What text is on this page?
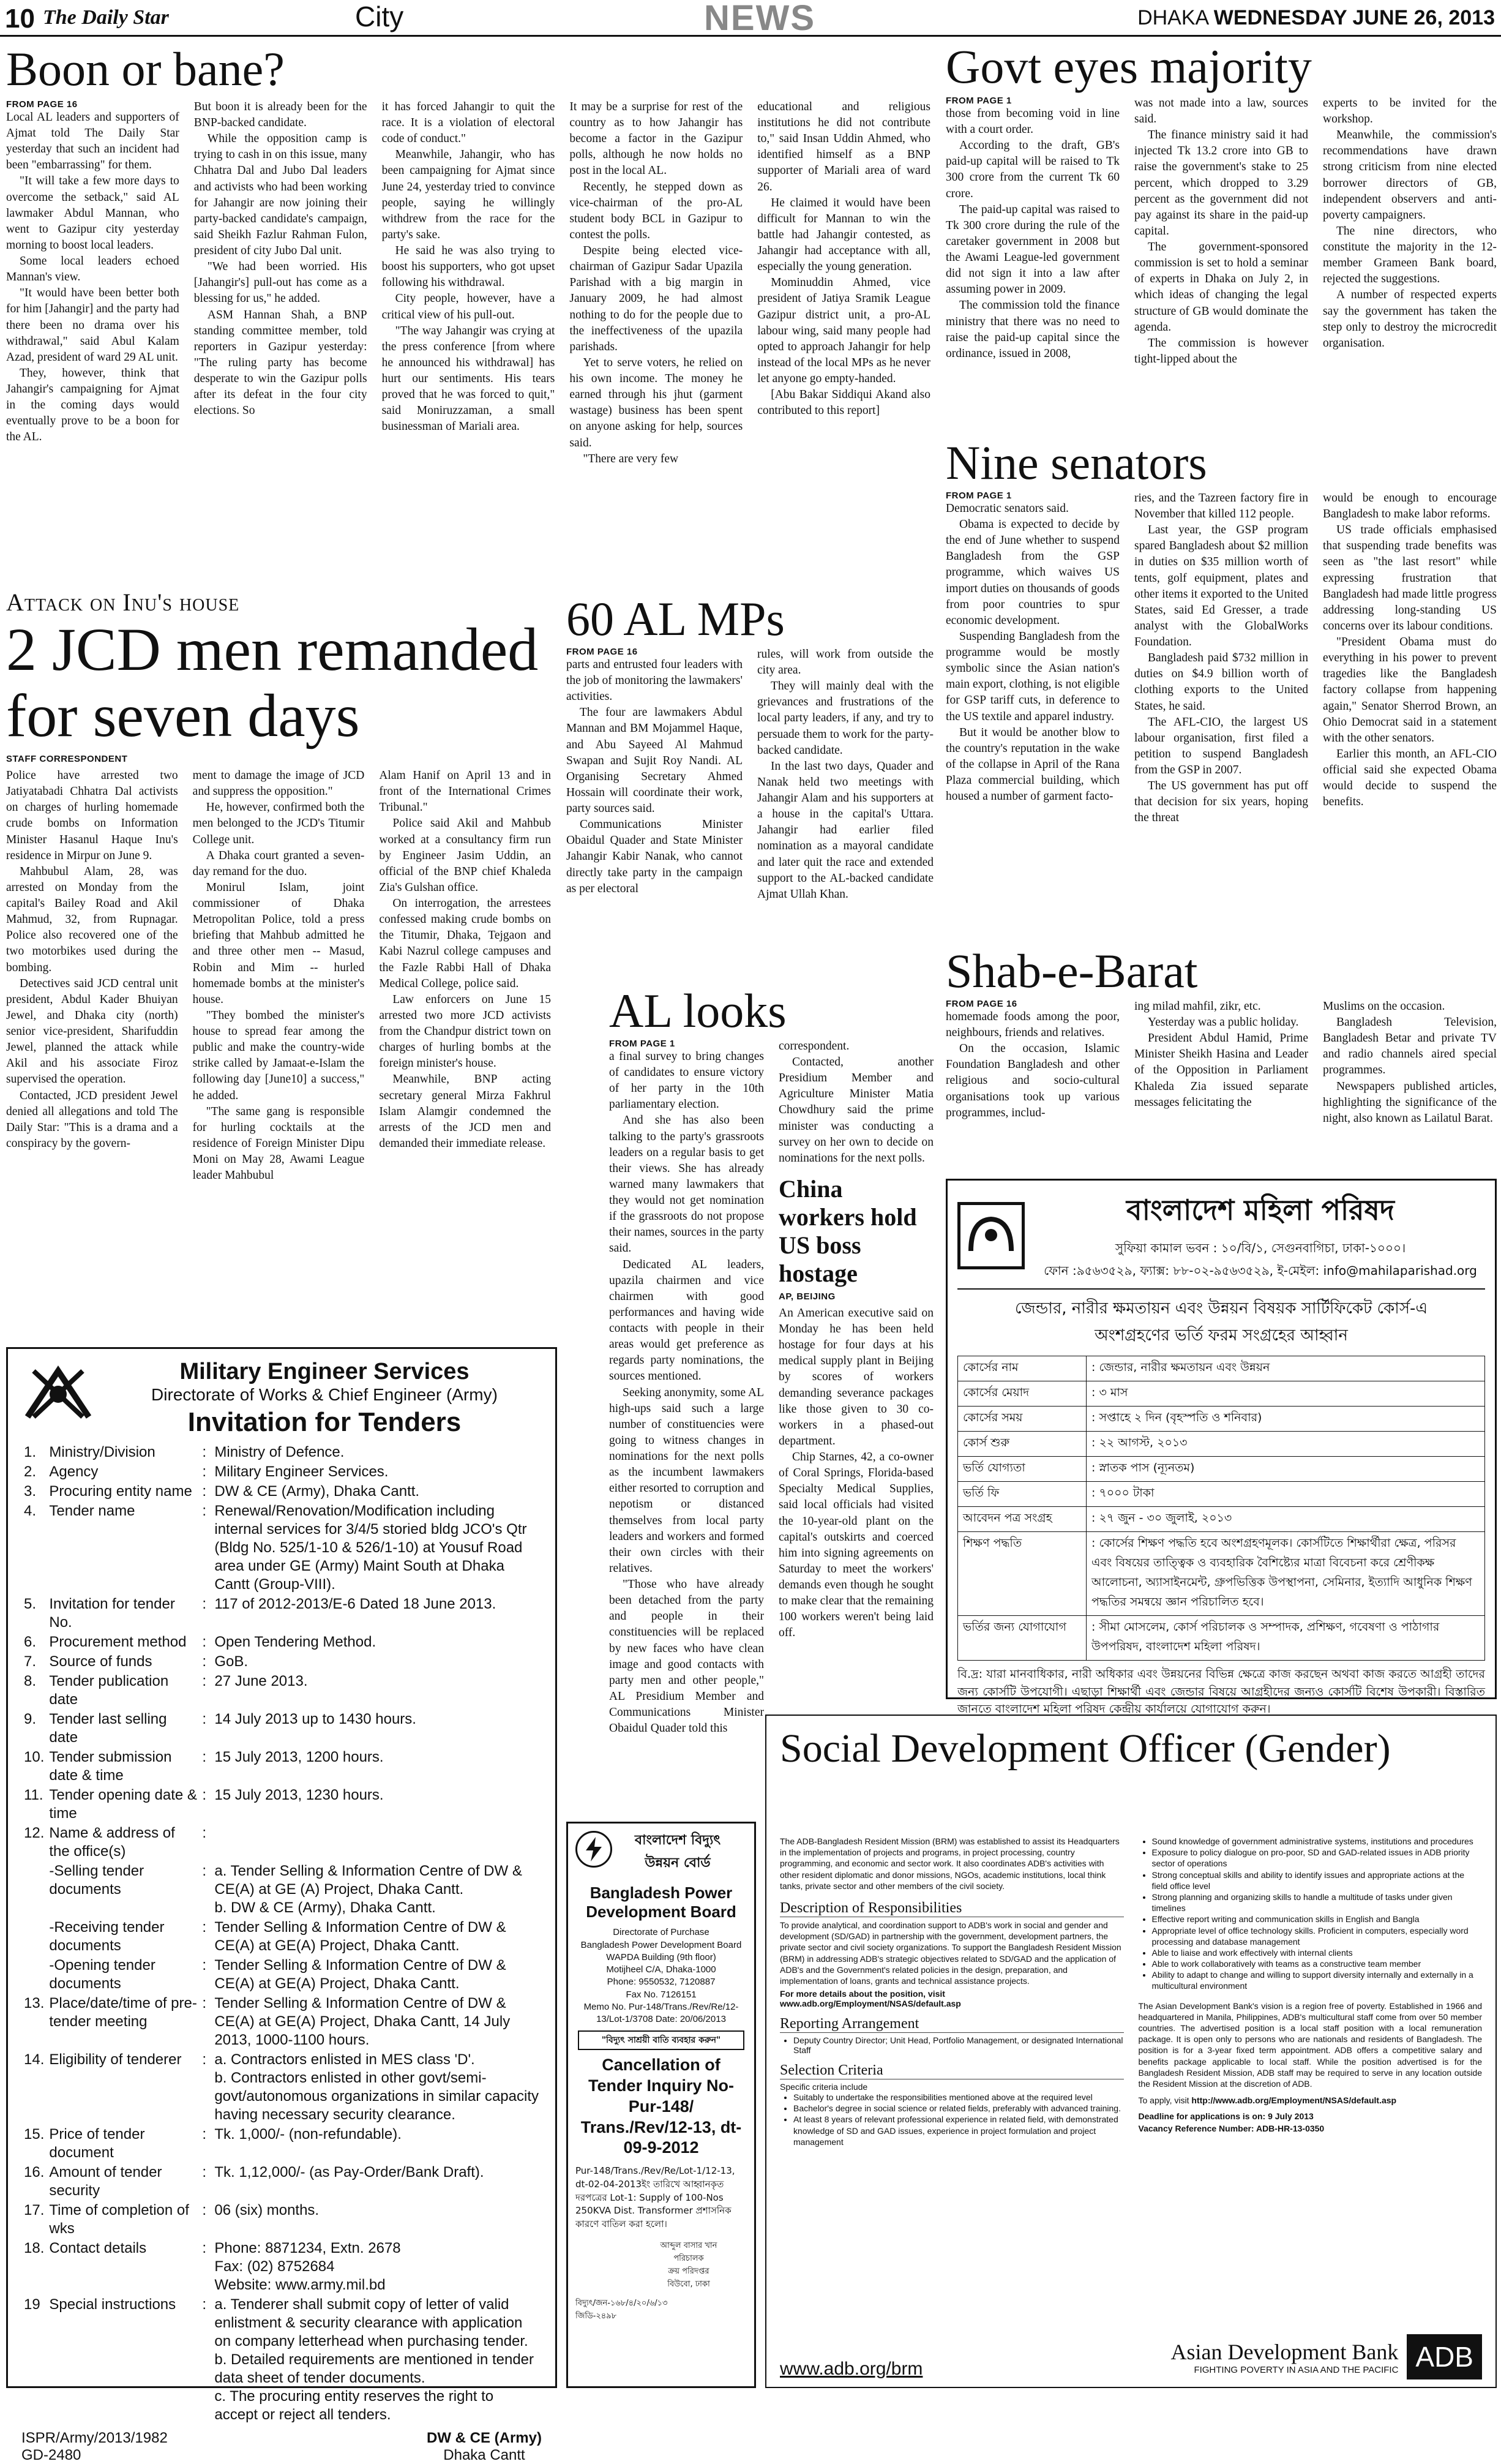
10 The Daily Star	City	NEWS	DHAKA WEDNESDAY JUNE 26, 2013
Boon or bane?
FROM PAGE 16

Local AL leaders and supporters of Ajmat told The Daily Star yesterday that such an incident had been "embarrassing" for them.

"It will take a few more days to overcome the setback," said AL lawmaker Abdul Mannan, who went to Gazipur city yesterday morning to boost local leaders.

Some local leaders echoed Mannan's view.

"It would have been better both for him [Jahangir] and the party had there been no drama over his withdrawal," said Abul Kalam Azad, president of ward 29 AL unit.

They, however, think that Jahangir's campaigning for Ajmat in the coming days would eventually prove to be a boon for the AL.

But boon it is already been for the BNP-backed candidate.

While the opposition camp is trying to cash in on this issue, many Chhatra Dal and Jubo Dal leaders and activists who had been working for Jahangir are now joining their party-backed candidate's campaign, said Sheikh Fazlur Rahman Fulon, president of city Jubo Dal unit.

"We had been worried. His [Jahangir's] pull-out has come as a blessing for us," he added.

ASM Hannan Shah, a BNP standing committee member, told reporters in Gazipur yesterday: "The ruling party has become desperate to win the Gazipur polls after its defeat in the four city elections. So

it has forced Jahangir to quit the race. It is a violation of electoral code of conduct."

Meanwhile, Jahangir, who has been campaigning for Ajmat since June 24, yesterday tried to convince people, saying he willingly withdrew from the race for the party's sake.

He said he was also trying to boost his supporters, who got upset following his withdrawal.

City people, however, have a critical view of his pull-out.

"The way Jahangir was crying at the press conference [from where he announced his withdrawal] has hurt our sentiments. His tears proved that he was forced to quit," said Moniruzzaman, a small businessman of Mariali area.

It may be a surprise for rest of the country as to how Jahangir has become a factor in the Gazipur polls, although he now holds no post in the local AL.

Recently, he stepped down as vice-chairman of the pro-AL student body BCL in Gazipur to contest the polls.

Despite being elected vice-chairman of Gazipur Sadar Upazila Parishad with a big margin in January 2009, he had almost nothing to do for the people due to the ineffectiveness of the upazila parishads.

Yet to serve voters, he relied on his own income. The money he earned through his jhut (garment wastage) business has been spent on anyone asking for help, sources said.

"There are very few

educational and religious institutions he did not contribute to," said Insan Uddin Ahmed, who identified himself as a BNP supporter of Mariali area of ward 26.

He claimed it would have been difficult for Mannan to win the battle had Jahangir contested, as Jahangir had acceptance with all, especially the young generation.

Mominuddin Ahmed, vice president of Jatiya Sramik League Gazipur district unit, a pro-AL labour wing, said many people had opted to approach Jahangir for help instead of the local MPs as he never let anyone go empty-handed.

[Abu Bakar Siddiqui Akand also contributed to this report]

Attack on Inu's house
2 JCD men remanded for seven days
STAFF CORRESPONDENT

Police have arrested two Jatiyatabadi Chhatra Dal activists on charges of hurling homemade crude bombs on Information Minister Hasanul Haque Inu's residence in Mirpur on June 9.

Mahbubul Alam, 28, was arrested on Monday from the capital's Bailey Road and Akil Mahmud, 32, from Rupnagar. Police also recovered one of the two motorbikes used during the bombing.

Detectives said JCD central unit president, Abdul Kader Bhuiyan Jewel, and Dhaka city (north) senior vice-president, Sharifuddin Jewel, planned the attack while Akil and his associate Firoz supervised the operation.

Contacted, JCD president Jewel denied all allegations and told The Daily Star: "This is a drama and a conspiracy by the govern-

ment to damage the image of JCD and suppress the opposition."

He, however, confirmed both the men belonged to the JCD's Titumir College unit.

A Dhaka court granted a seven-day remand for the duo.

Monirul Islam, joint commissioner of Dhaka Metropolitan Police, told a press briefing that Mahbub admitted he and three other men -- Masud, Robin and Mim -- hurled homemade bombs at the minister's house.

"They bombed the minister's house to spread fear among the public and make the country-wide strike called by Jamaat-e-Islam the following day [June10] a success," he added.

"The same gang is responsible for hurling cocktails at the residence of Foreign Minister Dipu Moni on May 28, Awami League leader Mahbubul

Alam Hanif on April 13 and in front of the International Crimes Tribunal."

Police said Akil and Mahbub worked at a consultancy firm run by Engineer Jasim Uddin, an official of the BNP chief Khaleda Zia's Gulshan office.

On interrogation, the arrestees confessed making crude bombs on the Titumir, Dhaka, Tejgaon and Kabi Nazrul college campuses and the Fazle Rabbi Hall of Dhaka Medical College, police said.

Law enforcers on June 15 arrested two more JCD activists from the Chandpur district town on charges of hurling bombs at the foreign minister's house.

Meanwhile, BNP acting secretary general Mirza Fakhrul Islam Alamgir condemned the arrests of the JCD men and demanded their immediate release.

60 AL MPs
FROM PAGE 16

parts and entrusted four leaders with the job of monitoring the lawmakers' activities.

The four are lawmakers Abdul Mannan and BM Mojammel Haque, and Abu Sayeed Al Mahmud Swapan and Sujit Roy Nandi. AL Organising Secretary Ahmed Hossain will coordinate their work, party sources said.

Communications Minister Obaidul Quader and State Minister Jahangir Kabir Nanak, who cannot directly take party in the campaign as per electoral

rules, will work from outside the city area.

They will mainly deal with the grievances and frustrations of the local party leaders, if any, and try to persuade them to work for the party-backed candidate.

In the last two days, Quader and Nanak held two meetings with Jahangir Alam and his supporters at a house in the capital's Uttara. Jahangir had earlier filed nomination as a mayoral candidate and later quit the race and extended support to the AL-backed candidate Ajmat Ullah Khan.

AL looks
FROM PAGE 1

a final survey to bring changes of candidates to ensure victory of her party in the 10th parliamentary election.

And she has also been talking to the party's grassroots leaders on a regular basis to get their views. She has already warned many lawmakers that they would not get nomination if the grassroots do not propose their names, sources in the party said.

Dedicated AL leaders, upazila chairmen and vice chairmen with good performances and having wide contacts with people in their areas would get preference as regards party nominations, the sources mentioned.

Seeking anonymity, some AL high-ups said such a large number of constituencies were going to witness changes in nominations for the next polls as the incumbent lawmakers either resorted to corruption and nepotism or distanced themselves from local party leaders and workers and formed their own circles with their relatives.

"Those who have already been detached from the party and people in their constituencies will be replaced by new faces who have clean image and good contacts with party men and other people," AL Presidium Member and Communications Minister Obaidul Quader told this

correspondent.

Contacted, another Presidium Member and Agriculture Minister Matia Chowdhury said the prime minister was conducting a survey on her own to decide on nominations for the next polls.

China workers hold US boss hostage
AP, BEIJING

An American executive said on Monday he has been held hostage for four days at his medical supply plant in Beijing by scores of workers demanding severance packages like those given to 30 co-workers in a phased-out department.

Chip Starnes, 42, a co-owner of Coral Springs, Florida-based Specialty Medical Supplies, said local officials had visited the 10-year-old plant on the capital's outskirts and coerced him into signing agreements on Saturday to meet the workers' demands even though he sought to make clear that the remaining 100 workers weren't being laid off.

Govt eyes majority
FROM PAGE 1

those from becoming void in line with a court order.

According to the draft, GB's paid-up capital will be raised to Tk 300 crore from the current Tk 60 crore.

The paid-up capital was raised to Tk 300 crore during the rule of the caretaker government in 2008 but the Awami League-led government did not sign it into a law after assuming power in 2009.

The commission told the finance ministry that there was no need to raise the paid-up capital since the ordinance, issued in 2008,

was not made into a law, sources said.

The finance ministry said it had injected Tk 13.2 crore into GB to raise the government's stake to 25 percent, which dropped to 3.29 percent as the government did not pay against its share in the paid-up capital.

The government-sponsored commission is set to hold a seminar of experts in Dhaka on July 2, in which ideas of changing the legal structure of GB would dominate the agenda.

The commission is however tight-lipped about the

experts to be invited for the workshop.

Meanwhile, the commission's recommendations have drawn strong criticism from nine elected borrower directors of GB, independent observers and anti-poverty campaigners.

The nine directors, who constitute the majority in the 12-member Grameen Bank board, rejected the suggestions.

A number of respected experts say the government has taken the step only to destroy the microcredit organisation.

Nine senators
FROM PAGE 1

Democratic senators said.

Obama is expected to decide by the end of June whether to suspend Bangladesh from the GSP programme, which waives US import duties on thousands of goods from poor countries to spur economic development.

Suspending Bangladesh from the programme would be mostly symbolic since the Asian nation's main export, clothing, is not eligible for GSP tariff cuts, in deference to the US textile and apparel industry.

But it would be another blow to the country's reputation in the wake of the collapse in April of the Rana Plaza commercial building, which housed a number of garment facto-

ries, and the Tazreen factory fire in November that killed 112 people.

Last year, the GSP program spared Bangladesh about $2 million in duties on $35 million worth of tents, golf equipment, plates and other items it exported to the United States, said Ed Gresser, a trade analyst with the GlobalWorks Foundation.

Bangladesh paid $732 million in duties on $4.9 billion worth of clothing exports to the United States, he said.

The AFL-CIO, the largest US labour organisation, first filed a petition to suspend Bangladesh from the GSP in 2007.

The US government has put off that decision for six years, hoping the threat

would be enough to encourage Bangladesh to make labor reforms.

US trade officials emphasised that suspending trade benefits was seen as "the last resort" while expressing frustration that Bangladesh had made little progress addressing long-standing US concerns over its labour conditions.

"President Obama must do everything in his power to prevent tragedies like the Bangladesh factory collapse from happening again," Senator Sherrod Brown, an Ohio Democrat said in a statement with the other senators.

Earlier this month, an AFL-CIO official said she expected Obama would decide to suspend the benefits.

Shab-e-Barat
FROM PAGE 16

homemade foods among the poor, neighbours, friends and relatives.

On the occasion, Islamic Foundation Bangladesh and other religious and socio-cultural organisations took up various programmes, includ-

ing milad mahfil, zikr, etc.

Yesterday was a public holiday.

President Abdul Hamid, Prime Minister Sheikh Hasina and Leader of the Opposition in Parliament Khaleda Zia issued separate messages felicitating the

Muslims on the occasion.

Bangladesh Television, Bangladesh Betar and private TV and radio channels aired special programmes.

Newspapers published articles, highlighting the significance of the night, also known as Lailatul Barat.

বাংলাদেশ মহিলা পরিষদ
সুফিয়া কামাল ভবন : ১০/বি/১, সেগুনবাগিচা, ঢাকা-১০০০।
ফোন :৯৫৬৩৫২৯, ফ্যাক্স: ৮৮-০২-৯৫৬৩৫২৯, ই-মেইল: info@mahilaparishad.org
জেন্ডার, নারীর ক্ষমতায়ন এবং উন্নয়ন বিষয়ক সার্টিফিকেট কোর্স-এ
অংশগ্রহণের ভর্তি ফরম সংগ্রহের আহ্বান
কোর্সের নাম	: জেন্ডার, নারীর ক্ষমতায়ন এবং উন্নয়ন
কোর্সের মেয়াদ	: ৩ মাস
কোর্সের সময়	: সপ্তাহে ২ দিন (বৃহস্পতি ও শনিবার)
কোর্স শুরু	: ২২ আগস্ট, ২০১৩
ভর্তি যোগ্যতা	: স্নাতক পাস (ন্যূনতম)
ভর্তি ফি	: ৭০০০ টাকা
আবেদন পত্র সংগ্রহ	: ২৭ জুন - ৩০ জুলাই, ২০১৩
শিক্ষণ পদ্ধতি	: কোর্সের শিক্ষণ পদ্ধতি হবে অংশগ্রহণমূলক। কোর্সটিতে শিক্ষার্থীরা ক্ষেত্র, পরিসর এবং বিষয়ের তাত্ত্বিক ও ব্যবহারিক বৈশিষ্ট্যের মাত্রা বিবেচনা করে শ্রেণীকক্ষ আলোচনা, অ্যাসাইনমেন্ট, গ্রুপভিত্তিক উপস্থাপনা, সেমিনার, ইত্যাদি আধুনিক শিক্ষণ পদ্ধতির সমন্বয়ে জ্ঞান পরিচালিত হবে।
ভর্তির জন্য যোগাযোগ	: সীমা মোসলেম, কোর্স পরিচালক ও সম্পাদক, প্রশিক্ষণ, গবেষণা ও পাঠাগার উপপরিষদ, বাংলাদেশ মহিলা পরিষদ।
বি.দ্র: যারা মানবাধিকার, নারী অধিকার এবং উন্নয়নের বিভিন্ন ক্ষেত্রে কাজ করছেন অথবা কাজ করতে আগ্রহী তাদের জন্য কোর্সটি উপযোগী। এছাড়া শিক্ষার্থী এবং জেন্ডার বিষয়ে আগ্রহীদের জন্যও কোর্সটি বিশেষ উপকারী। বিস্তারিত জানতে বাংলাদেশ মহিলা পরিষদ কেন্দ্রীয় কার্যালয়ে যোগাযোগ করুন।
Military Engineer Services
Directorate of Works & Chief Engineer (Army)
Invitation for Tenders
1.	Ministry/Division	:	Ministry of Defence.

2.	Agency	:	Military Engineer Services.

3.	Procuring entity name	:	DW & CE (Army), Dhaka Cantt.

4.	Tender name	:	Renewal/Renovation/Modification including internal services for 3/4/5 storied bldg JCO's Qtr (Bldg No. 525/1-10 & 526/1-10) at Yousuf Road area under GE (Army) Maint South at Dhaka Cantt (Group-VIII).

5.	Invitation for tender No.	:	117 of 2012-2013/E-6 Dated 18 June 2013.

6.	Procurement method	:	Open Tendering Method.

7.	Source of funds	:	GoB.

8.	Tender publication date	:	27 June 2013.

9.	Tender last selling date	:	14 July 2013 up to 1430 hours.

10.	Tender submission date & time	:	15 July 2013, 1200 hours.

11.	Tender opening date & time	:	15 July 2013, 1230 hours.

12.	Name & address of the office(s)	:	

	-Selling tender documents	:	a. Tender Selling & Information Centre of DW & CE(A) at GE (A) Project, Dhaka Cantt.
b. DW & CE (Army), Dhaka Cantt.

	-Receiving tender documents	:	Tender Selling & Information Centre of DW & CE(A) at GE(A) Project, Dhaka Cantt.

	-Opening tender documents	:	Tender Selling & Information Centre of DW & CE(A) at GE(A) Project, Dhaka Cantt.

13.	Place/date/time of pre-tender meeting	:	Tender Selling & Information Centre of DW & CE(A) at GE(A) Project, Dhaka Cantt, 14 July 2013, 1000-1100 hours.

14.	Eligibility of tenderer	:	a. Contractors enlisted in MES class 'D'.
b. Contractors enlisted in other govt/semi-govt/autonomous organizations in similar capacity having necessary security clearance.

15.	Price of tender document	:	Tk. 1,000/- (non-refundable).

16.	Amount of tender security	:	Tk. 1,12,000/- (as Pay-Order/Bank Draft).

17.	Time of completion of wks	:	06 (six) months.

18.	Contact details	:	Phone: 8871234, Extn. 2678
Fax: (02) 8752684
Website: www.army.mil.bd

19	Special instructions	:	a. Tenderer shall submit copy of letter of valid enlistment & security clearance with application on company letterhead when purchasing tender.
b. Detailed requirements are mentioned in tender data sheet of tender documents.
c. The procuring entity reserves the right to accept or reject all tenders.
ISPR/Army/2013/1982
GD-2480
DW & CE (Army)
Dhaka Cantt
বাংলাদেশ বিদ্যুৎ
উন্নয়ন বোর্ড
Bangladesh Power Development Board
Directorate of Purchase
Bangladesh Power Development Board
WAPDA Building (9th floor)
Motijheel C/A, Dhaka-1000
Phone: 9550532, 7120887
Fax No. 7126151
Memo No. Pur-148/Trans./Rev/Re/12-13/Lot-1/3708 Date: 20/06/2013
"বিদ্যুৎ সাশ্রয়ী বাতি ব্যবহার করুন"
Cancellation of Tender Inquiry No-Pur-148/ Trans./Rev/12-13, dt-09-9-2012
Pur-148/Trans./Rev/Re/Lot-1/12-13, dt-02-04-2013ইং তারিখে আহ্বানকৃত দরপত্রের Lot-1: Supply of 100-Nos 250KVA Dist. Transformer প্রশাসনিক কারণে বাতিল করা হলো।
আব্দুল বাসার খান
পরিচালক
ক্রয় পরিদপ্তর
বিউবো, ঢাকা
বিদ্যুৎ/জন-১৬৮/৪/২০/৬/১৩
জিডি-২৪৯৮
Social Development Officer (Gender)
The ADB-Bangladesh Resident Mission (BRM) was established to assist its Headquarters in the implementation of projects and programs, in project processing, country programming, and economic and sector work. It also coordinates ADB's activities with other resident diplomatic and donor missions, NGOs, academic institutions, local think tanks, private sector and other members of the civil society.
Description of Responsibilities
To provide analytical, and coordination support to ADB's work in social and gender and development (SD/GAD) in partnership with the government, development partners, the private sector and civil society organizations. To support the Bangladesh Resident Mission (BRM) in addressing ADB's strategic objectives related to SD/GAD and the application of ADB's and the Government's related policies in the design, preparation, and implementation of loans, grants and technical assistance projects.
For more details about the position, visit
www.adb.org/Employment/NSAS/default.asp
Reporting Arrangement
• Deputy Country Director; Unit Head, Portfolio Management, or designated International Staff
Selection Criteria
Specific criteria include
• Suitably to undertake the responsibilities mentioned above at the required level
• Bachelor's degree in social science or related fields, preferably with advanced training.
• At least 8 years of relevant professional experience in related field, with demonstrated knowledge of SD and GAD issues, experience in project formulation and project management
• Sound knowledge of government administrative systems, institutions and procedures
• Exposure to policy dialogue on pro-poor, SD and GAD-related issues in ADB priority sector of operations
• Strong conceptual skills and ability to identify issues and appropriate actions at the field office level
• Strong planning and organizing skills to handle a multitude of tasks under given timelines
• Effective report writing and communication skills in English and Bangla
• Appropriate level of office technology skills. Proficient in computers, especially word processing and database management
• Able to liaise and work effectively with internal clients
• Able to work collaboratively with teams as a constructive team member
• Ability to adapt to change and willing to support diversity internally and externally in a multicultural environment
The Asian Development Bank's vision is a region free of poverty. Established in 1966 and headquartered in Manila, Philippines, ADB's multicultural staff come from over 50 member countries. The advertised position is a local staff position with a local remuneration package. It is open only to persons who are nationals and residents of Bangladesh. The position is for a 3-year fixed term appointment. ADB offers a competitive salary and benefits package applicable to local staff. While the position advertised is for the Bangladesh Resident Mission, ADB staff may be required to serve in any location outside the Resident Mission at the discretion of ADB.
To apply, visit http://www.adb.org/Employment/NSAS/default.asp
Deadline for applications is on: 9 July 2013
Vacancy Reference Number: ADB-HR-13-0350
www.adb.org/brm
Asian Development Bank
FIGHTING POVERTY IN ASIA AND THE PACIFIC ADB
